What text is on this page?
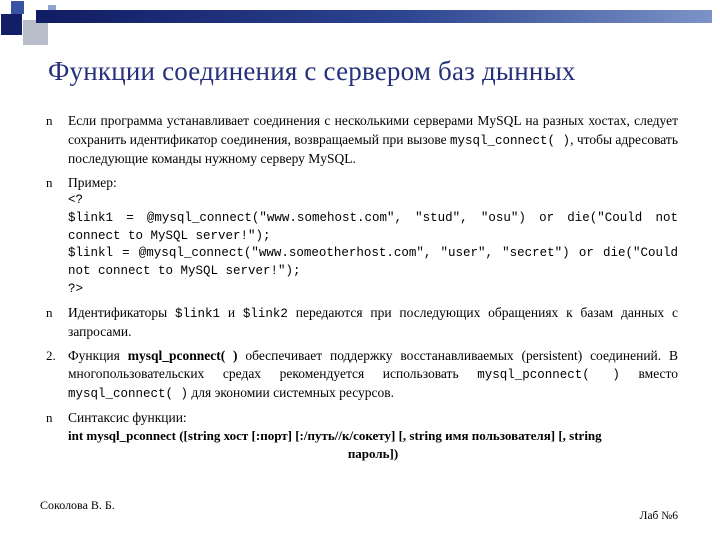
Функции соединения с сервером баз дынных
n	Если программа устанавливает соединения с несколькими серверами MySQL на разных хостах, следует сохранить идентификатор соединения, возвращаемый при вызове mysql_connect( ), чтобы адресовать последующие команды нужному серверу MySQL.
n	Пример:
<?
$link1 = @mysql_connect("www.somehost.com", "stud", "osu") or die("Could not connect to MySQL server!");
$linkl = @mysql_connect("www.someotherhost.com", "user", "secret") or die("Could not connect to MySQL server!");
?>
n	Идентификаторы $link1 и $link2 передаются при последующих обращениях к базам данных с запросами.
2. Функция mysql_pconnect( ) обеспечивает поддержку восстанавливаемых (persistent) соединений. В многопользовательских средах рекомендуется использовать mysql_pconnect( ) вместо mysql_connect( ) для экономии системных ресурсов.
n	Синтаксис функции:
int mysql_pconnect ([string хост [:порт] [:/путь//к/сокету] [, string имя пользователя] [, string
пароль])
Соколова В. Б.
Лаб №6
